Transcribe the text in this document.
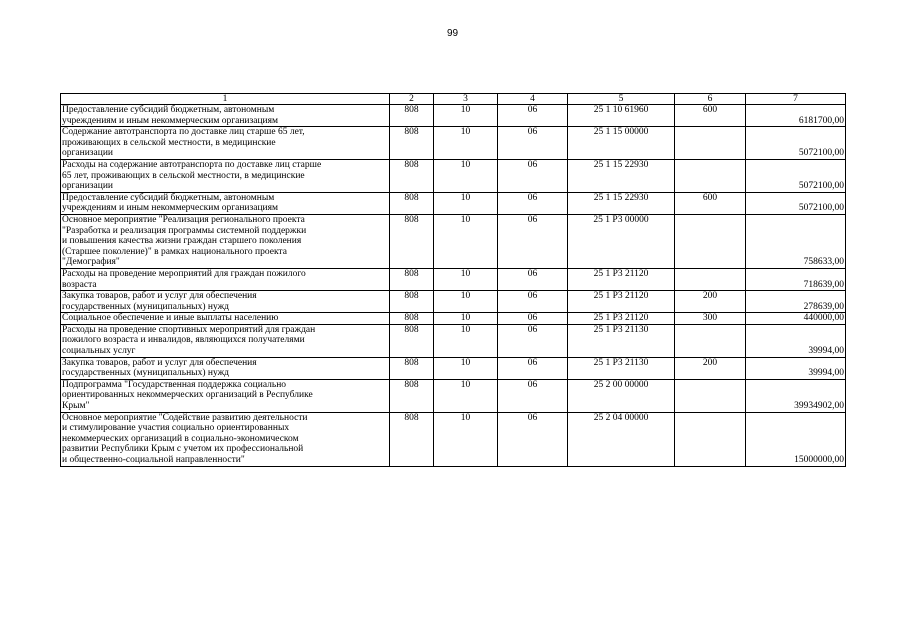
99
1	2	3	4	5	6	7
Предоставление субсидий бюджетным, автономным
учреждениям и иным некоммерческим организациям	808	10	06	25 1 10 61960	600	6181700,00
Содержание автотранспорта по доставке лиц старше 65 лет,
проживающих в сельской местности, в медицинские
организации	808	10	06	25 1 15 00000		5072100,00
Расходы на содержание автотранспорта по доставке лиц старше
65 лет, проживающих в сельской местности, в медицинские
организации	808	10	06	25 1 15 22930		5072100,00
Предоставление субсидий бюджетным, автономным
учреждениям и иным некоммерческим организациям	808	10	06	25 1 15 22930	600	5072100,00
Основное мероприятие "Реализация регионального проекта
"Разработка и реализация программы системной поддержки
и повышения качества жизни граждан старшего поколения
(Старшее поколение)" в рамках национального проекта
"Демография"	808	10	06	25 1 P3 00000		758633,00
Расходы на проведение мероприятий для граждан пожилого
возраста	808	10	06	25 1 P3 21120		718639,00
Закупка товаров, работ и услуг для обеспечения
государственных (муниципальных) нужд	808	10	06	25 1 P3 21120	200	278639,00
Социальное обеспечение и иные выплаты населению	808	10	06	25 1 P3 21120	300	440000,00
Расходы на проведение спортивных мероприятий для граждан
пожилого возраста и инвалидов, являющихся получателями
социальных услуг	808	10	06	25 1 P3 21130		39994,00
Закупка товаров, работ и услуг для обеспечения
государственных (муниципальных) нужд	808	10	06	25 1 P3 21130	200	39994,00
Подпрограмма "Государственная поддержка социально
ориентированных некоммерческих организаций в Республике
Крым"	808	10	06	25 2 00 00000		39934902,00
Основное мероприятие "Содействие развитию деятельности
и стимулирование участия социально ориентированных
некоммерческих организаций в социально-экономическом
развитии Республики Крым с учетом их профессиональной
и общественно-социальной направленности"	808	10	06	25 2 04 00000		15000000,00
